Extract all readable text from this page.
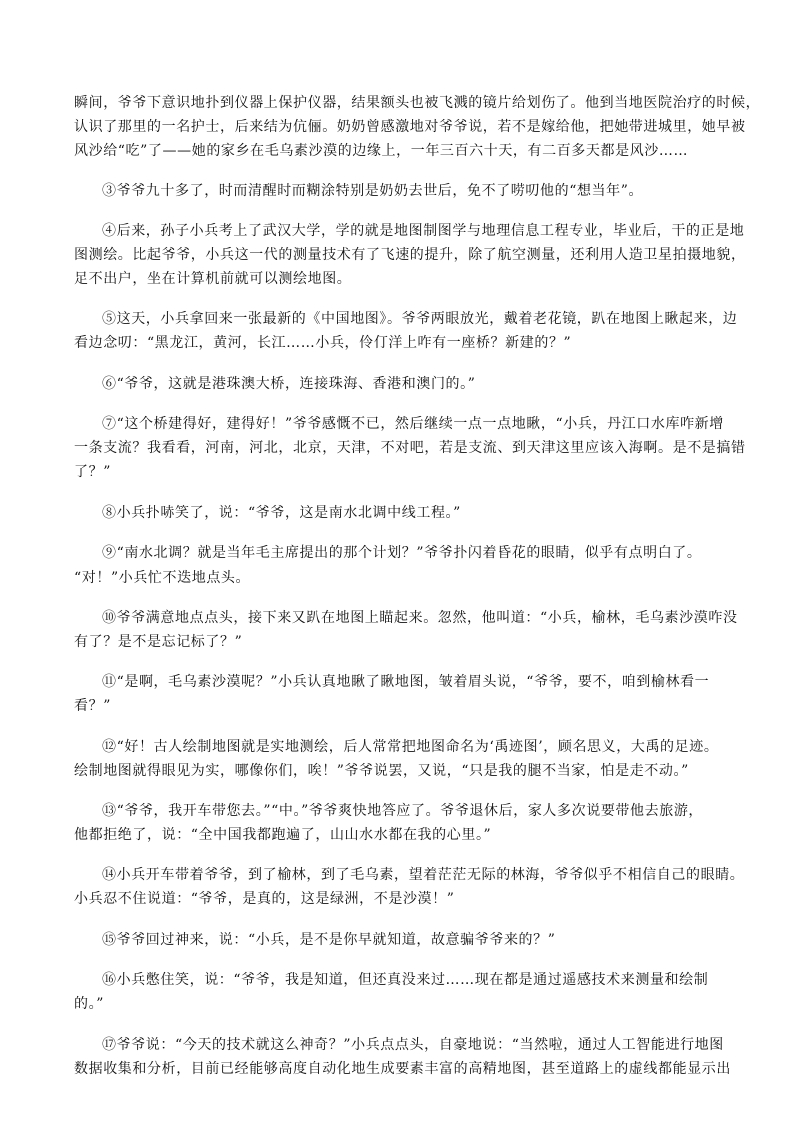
瞬间，爷爷下意识地扑到仪器上保护仪器，结果额头也被飞溅的镜片给划伤了。他到当地医院治疗的时候，
认识了那里的一名护士，后来结为伉俪。奶奶曾感激地对爷爷说，若不是嫁给他，把她带进城里，她早被
风沙给“吃”了——她的家乡在毛乌素沙漠的边缘上，一年三百六十天，有二百多天都是风沙……
③爷爷九十多了，时而清醒时而糊涂特别是奶奶去世后，免不了唠叨他的“想当年”。
④后来，孙子小兵考上了武汉大学，学的就是地图制图学与地理信息工程专业，毕业后，干的正是地
图测绘。比起爷爷，小兵这一代的测量技术有了飞速的提升，除了航空测量，还利用人造卫星拍摄地貌，
足不出户，坐在计算机前就可以测绘地图。
⑤这天，小兵拿回来一张最新的《中国地图》。爷爷两眼放光，戴着老花镜，趴在地图上瞅起来，边
看边念叨：“黑龙江，黄河，长江……小兵，伶仃洋上咋有一座桥？新建的？”
⑥“爷爷，这就是港珠澳大桥，连接珠海、香港和澳门的。”
⑦“这个桥建得好，建得好！”爷爷感慨不已，然后继续一点一点地瞅，“小兵，丹江口水库咋新增
一条支流？我看看，河南，河北，北京，天津，不对吧，若是支流、到天津这里应该入海啊。是不是搞错
了？”
⑧小兵扑哧笑了，说：“爷爷，这是南水北调中线工程。”
⑨“南水北调？就是当年毛主席提出的那个计划？”爷爷扑闪着昏花的眼睛，似乎有点明白了。
“对！”小兵忙不迭地点头。
⑩爷爷满意地点点头，接下来又趴在地图上瞄起来。忽然，他叫道：“小兵，榆林，毛乌素沙漠咋没
有了？是不是忘记标了？”
⑪“是啊，毛乌素沙漠呢？”小兵认真地瞅了瞅地图，皱着眉头说，“爷爷，要不，咱到榆林看一
看？”
⑫“好！古人绘制地图就是实地测绘，后人常常把地图命名为‘禹迹图’，顾名思义，大禹的足迹。
绘制地图就得眼见为实，哪像你们，唉！”爷爷说罢，又说，“只是我的腿不当家，怕是走不动。”
⑬“爷爷，我开车带您去。”“中。”爷爷爽快地答应了。爷爷退休后，家人多次说要带他去旅游，
他都拒绝了，说：“全中国我都跑遍了，山山水水都在我的心里。”
⑭小兵开车带着爷爷，到了榆林，到了毛乌素，望着茫茫无际的林海，爷爷似乎不相信自己的眼睛。
小兵忍不住说道：“爷爷，是真的，这是绿洲，不是沙漠！”
⑮爷爷回过神来，说：“小兵，是不是你早就知道，故意骗爷爷来的？”
⑯小兵憋住笑，说：“爷爷，我是知道，但还真没来过……现在都是通过遥感技术来测量和绘制
的。”
⑰爷爷说：“今天的技术就这么神奇？”小兵点点头，自豪地说：“当然啦，通过人工智能进行地图
数据收集和分析，目前已经能够高度自动化地生成要素丰富的高精地图，甚至道路上的虚线都能显示出
